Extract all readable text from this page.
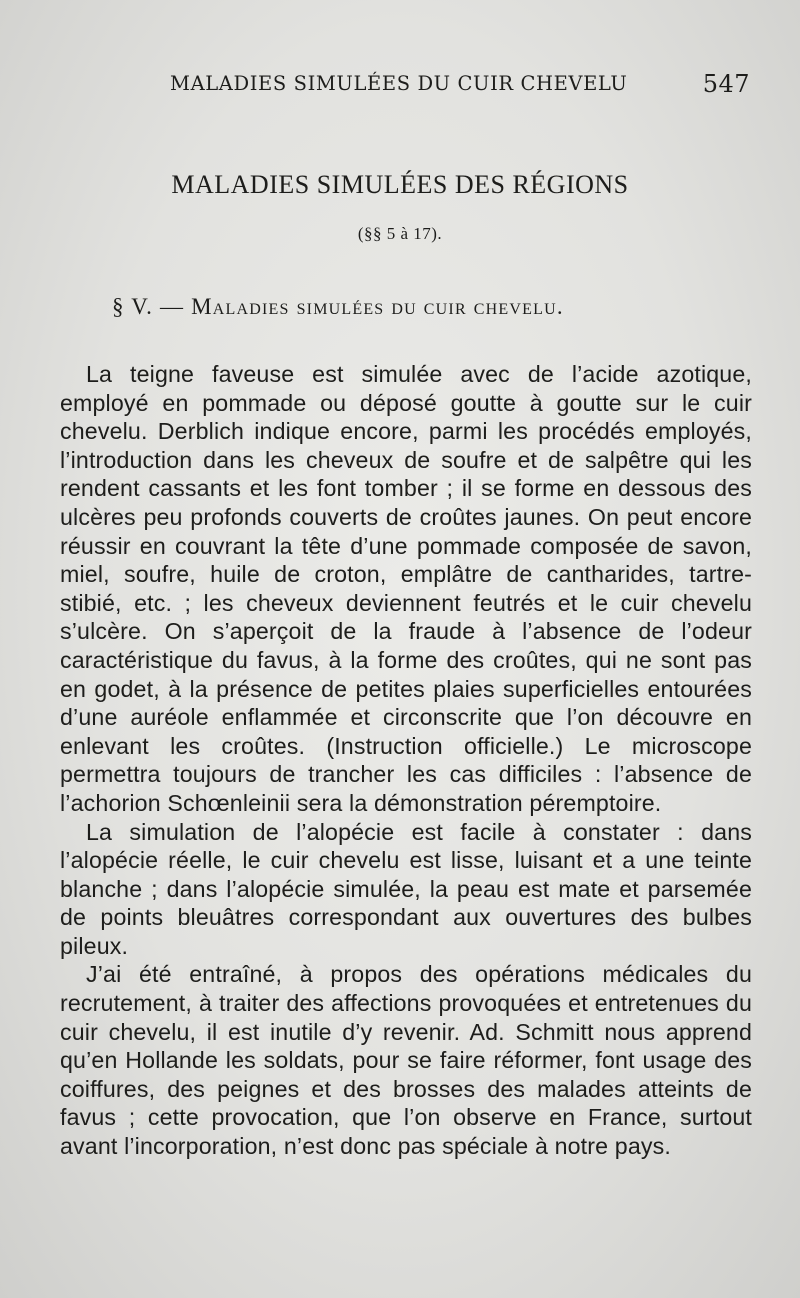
MALADIES SIMULÉES DU CUIR CHEVELU	547
MALADIES SIMULÉES DES RÉGIONS
(§§ 5 à 17).
§ V. — Maladies simulées du cuir chevelu.

La teigne faveuse est simulée avec de l’acide azotique, employé en pommade ou déposé goutte à goutte sur le cuir chevelu. Derblich indique encore, parmi les procédés employés, l’introduction dans les cheveux de soufre et de salpêtre qui les rendent cassants et les font tomber ; il se forme en dessous des ulcères peu profonds couverts de croûtes jaunes. On peut encore réussir en couvrant la tête d’une pommade composée de savon, miel, soufre, huile de croton, emplâtre de cantharides, tartre-stibié, etc. ; les cheveux deviennent feutrés et le cuir chevelu s’ulcère. On s’aperçoit de la fraude à l’absence de l’odeur caractéristique du favus, à la forme des croûtes, qui ne sont pas en godet, à la présence de petites plaies superficielles entourées d’une auréole enflammée et circonscrite que l’on découvre en enlevant les croûtes. (Instruction officielle.) Le microscope permettra toujours de trancher les cas difficiles : l’absence de l’achorion Schœnleinii sera la démonstration péremptoire.

La simulation de l’alopécie est facile à constater : dans l’alopécie réelle, le cuir chevelu est lisse, luisant et a une teinte blanche ; dans l’alopécie simulée, la peau est mate et parsemée de points bleuâtres correspondant aux ouvertures des bulbes pileux.

J’ai été entraîné, à propos des opérations médicales du recrutement, à traiter des affections provoquées et entretenues du cuir chevelu, il est inutile d’y revenir. Ad. Schmitt nous apprend qu’en Hollande les soldats, pour se faire réformer, font usage des coiffures, des peignes et des brosses des malades atteints de favus ; cette provocation, que l’on observe en France, surtout avant l’incorporation, n’est donc pas spéciale à notre pays.
